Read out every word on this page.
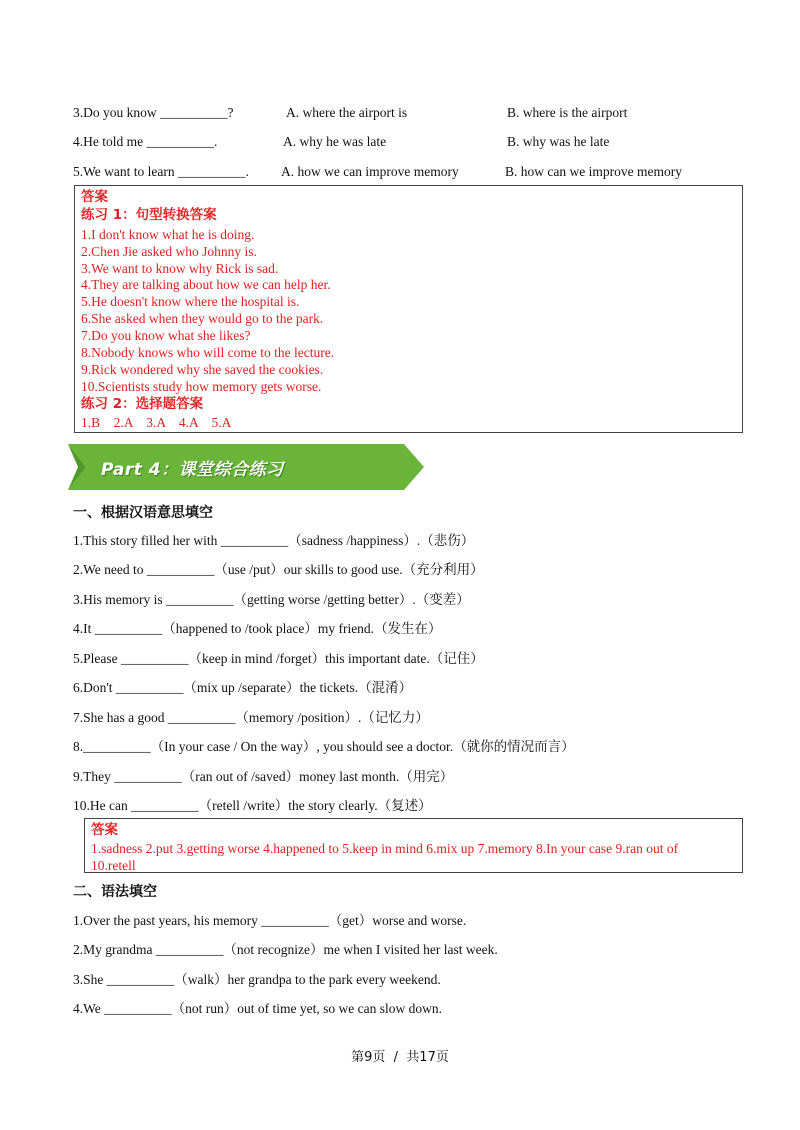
3.Do you know __________?	A. where the airport is	B. where is the airport
4.He told me __________.	A. why he was late	B. why was he late
5.We want to learn __________. A. how we can improve memory	B. how can we improve memory
答案
练习 1：句型转换答案
1.I don't know what he is doing.
2.Chen Jie asked who Johnny is.
3.We want to know why Rick is sad.
4.They are talking about how we can help her.
5.He doesn't know where the hospital is.
6.She asked when they would go to the park.
7.Do you know what she likes?
8.Nobody knows who will come to the lecture.
9.Rick wondered why she saved the cookies.
10.Scientists study how memory gets worse.
练习 2：选择题答案
1.B    2.A    3.A    4.A    5.A
Part 4：课堂综合练习
一、根据汉语意思填空
1.This story filled her with __________（sadness /happiness）.（悲伤）
2.We need to __________（use /put）our skills to good use.（充分利用）
3.His memory is __________（getting worse /getting better）.（变差）
4.It __________（happened to /took place）my friend.（发生在）
5.Please __________（keep in mind /forget）this important date.（记住）
6.Don't __________（mix up /separate）the tickets.（混淆）
7.She has a good __________（memory /position）.（记忆力）
8.__________（In your case / On the way）, you should see a doctor.（就你的情况而言）
9.They __________（ran out of /saved）money last month.（用完）
10.He can __________（retell /write）the story clearly.（复述）
答案
1.sadness 2.put 3.getting worse 4.happened to 5.keep in mind 6.mix up 7.memory 8.In your case 9.ran out of
10.retell
二、语法填空
1.Over the past years, his memory __________（get）worse and worse.
2.My grandma __________（not recognize）me when I visited her last week.
3.She __________（walk）her grandpa to the park every weekend.
4.We __________（not run）out of time yet, so we can slow down.
第9页  /  共17页
